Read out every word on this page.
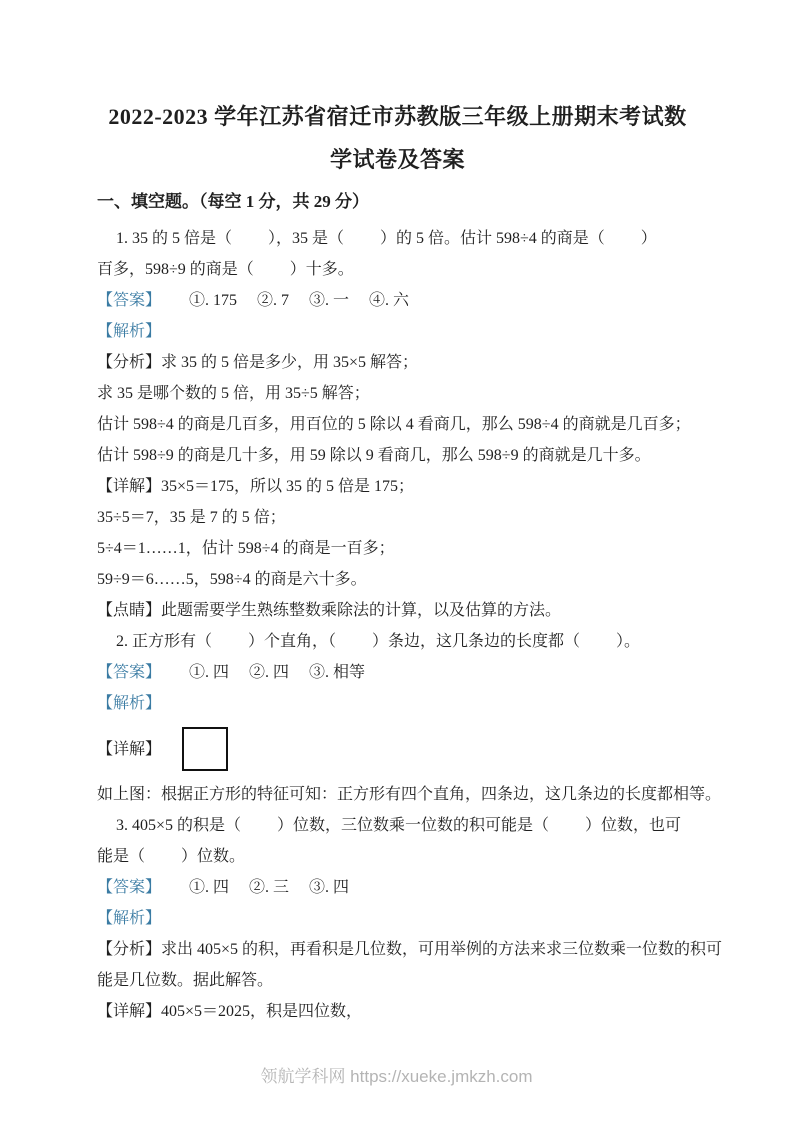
2022-2023 学年江苏省宿迁市苏教版三年级上册期末考试数
学试卷及答案
一、填空题。（每空 1 分，共 29 分）
1. 35 的 5 倍是（         ），35 是（         ）的 5 倍。估计 598÷4 的商是（         ）
百多，598÷9 的商是（         ）十多。
【答案】       ①. 175     ②. 7     ③. 一     ④. 六
【解析】
【分析】求 35 的 5 倍是多少，用 35×5 解答；
求 35 是哪个数的 5 倍，用 35÷5 解答；
估计 598÷4 的商是几百多，用百位的 5 除以 4 看商几，那么 598÷4 的商就是几百多；
估计 598÷9 的商是几十多，用 59 除以 9 看商几，那么 598÷9 的商就是几十多。
【详解】35×5＝175，所以 35 的 5 倍是 175；
35÷5＝7，35 是 7 的 5 倍；
5÷4＝1……1，估计 598÷4 的商是一百多；
59÷9＝6……5，598÷4 的商是六十多。
【点睛】此题需要学生熟练整数乘除法的计算，以及估算的方法。
2. 正方形有（         ）个直角，（         ）条边，这几条边的长度都（         ）。
【答案】       ①. 四     ②. 四     ③. 相等
【解析】
【详解】
如上图：根据正方形的特征可知：正方形有四个直角，四条边，这几条边的长度都相等。
3. 405×5 的积是（         ）位数，三位数乘一位数的积可能是（         ）位数，也可
能是（         ）位数。
【答案】       ①. 四     ②. 三     ③. 四
【解析】
【分析】求出 405×5 的积，再看积是几位数，可用举例的方法来求三位数乘一位数的积可
能是几位数。据此解答。
【详解】405×5＝2025，积是四位数，
领航学科网 https://xueke.jmkzh.com
